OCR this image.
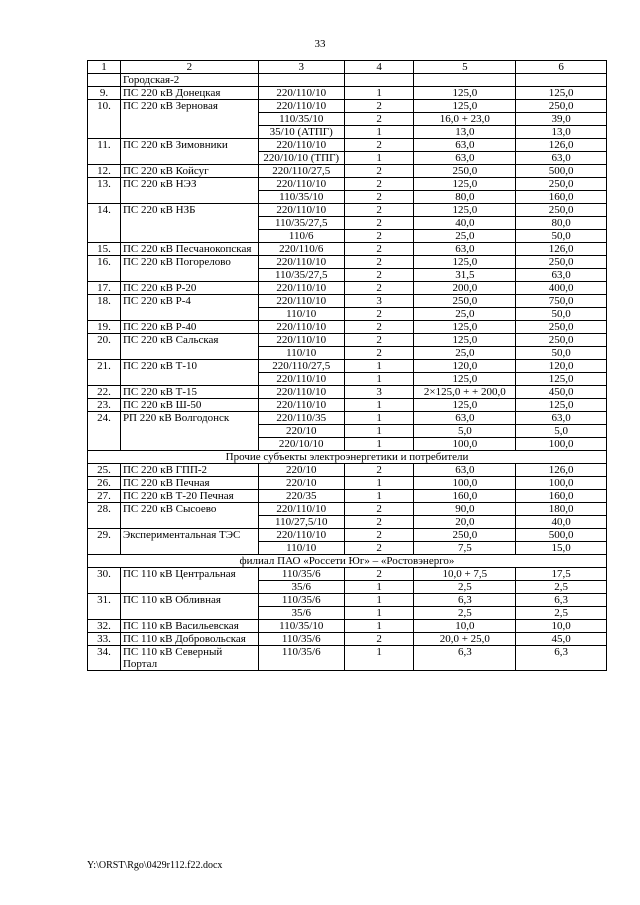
33
1	2	3	4	5	6
	Городская-2				
9.	ПС 220 кВ Донецкая	220/110/10	1	125,0	125,0
10.	ПС 220 кВ Зерновая	220/110/10	2	125,0	250,0
		110/35/10	2	16,0 + 23,0	39,0
		35/10 (АТПГ)	1	13,0	13,0
11.	ПС 220 кВ Зимовники	220/110/10	2	63,0	126,0
		220/10/10 (ТПГ)	1	63,0	63,0
12.	ПС 220 кВ Койсуг	220/110/27,5	2	250,0	500,0
13.	ПС 220 кВ НЭЗ	220/110/10	2	125,0	250,0
		110/35/10	2	80,0	160,0
14.	ПС 220 кВ НЗБ	220/110/10	2	125,0	250,0
		110/35/27,5	2	40,0	80,0
		110/6	2	25,0	50,0
15.	ПС 220 кВ Песчанокопская	220/110/6	2	63,0	126,0
16.	ПС 220 кВ Погорелово	220/110/10	2	125,0	250,0
		110/35/27,5	2	31,5	63,0
17.	ПС 220 кВ Р-20	220/110/10	2	200,0	400,0
18.	ПС 220 кВ Р-4	220/110/10	3	250,0	750,0
		110/10	2	25,0	50,0
19.	ПС 220 кВ Р-40	220/110/10	2	125,0	250,0
20.	ПС 220 кВ Сальская	220/110/10	2	125,0	250,0
		110/10	2	25,0	50,0
21.	ПС 220 кВ Т-10	220/110/27,5	1	120,0	120,0
		220/110/10	1	125,0	125,0
22.	ПС 220 кВ Т-15	220/110/10	3	2×125,0 + + 200,0	450,0
23.	ПС 220 кВ Ш-50	220/110/10	1	125,0	125,0
24.	РП 220 кВ Волгодонск	220/110/35	1	63,0	63,0
		220/10	1	5,0	5,0
		220/10/10	1	100,0	100,0
Прочие субъекты электроэнергетики и потребители					
25.	ПС 220 кВ ГПП-2	220/10	2	63,0	126,0
26.	ПС 220 кВ Печная	220/10	1	100,0	100,0
27.	ПС 220 кВ Т-20 Печная	220/35	1	160,0	160,0
28.	ПС 220 кВ Сысоево	220/110/10	2	90,0	180,0
		110/27,5/10	2	20,0	40,0
29.	Экспериментальная ТЭС	220/110/10	2	250,0	500,0
		110/10	2	7,5	15,0
филиал ПАО «Россети Юг» – «Ростовэнерго»					
30.	ПС 110 кВ Центральная	110/35/6	2	10,0 + 7,5	17,5
		35/6	1	2,5	2,5
31.	ПС 110 кВ Обливная	110/35/6	1	6,3	6,3
		35/6	1	2,5	2,5
32.	ПС 110 кВ Васильевская	110/35/10	1	10,0	10,0
33.	ПС 110 кВ Добровольская	110/35/6	2	20,0 + 25,0	45,0
34.	ПС 110 кВ Северный Портал	110/35/6	1	6,3	6,3
Y:\ORST\Rgo\0429r112.f22.docx
